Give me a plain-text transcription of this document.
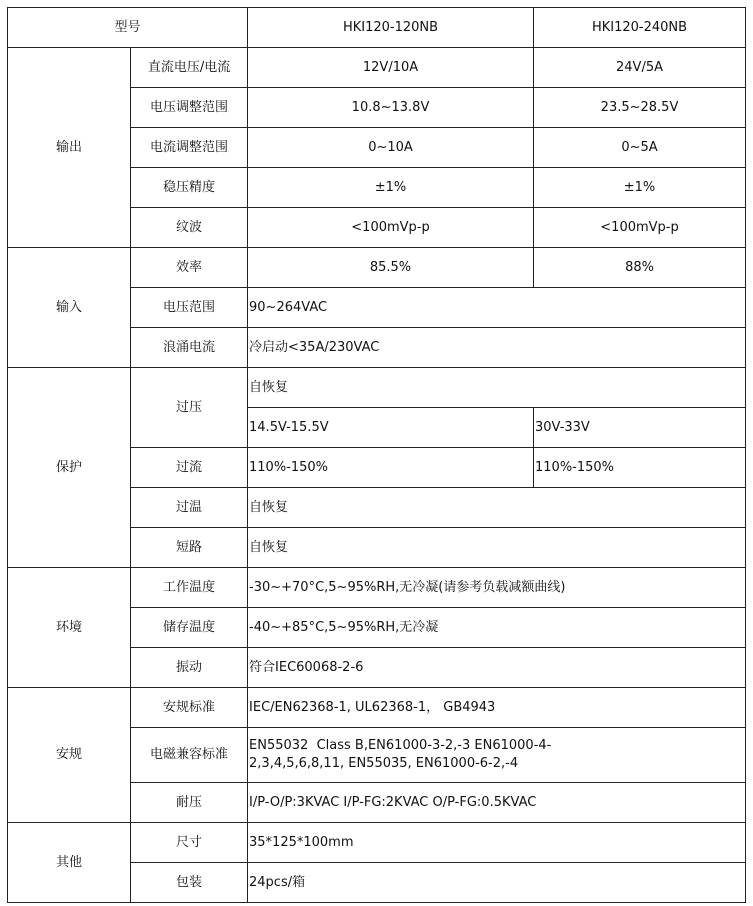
型号		HKI120-120NB	HKI120-240NB
输出	直流电压/电流	12V/10A	24V/5A
	电压调整范围	10.8~13.8V	23.5~28.5V
	电流调整范围	0~10A	0~5A
	稳压精度	±1%	±1%
	纹波	<100mVp-p	<100mVp-p
输入	效率	85.5%	88%
	电压范围	90~264VAC	
	浪涌电流	冷启动<35A/230VAC	
保护	过压	自恢复	
		14.5V-15.5V	30V-33V
	过流	110%-150%	110%-150%
	过温	自恢复	
	短路	自恢复	
环境	工作温度	-30~+70°C,5~95%RH,无冷凝(请参考负载减额曲线)	
	储存温度	-40~+85°C,5~95%RH,无冷凝	
	振动	符合IEC60068-2-6	
安规	安规标准	IEC/EN62368-1, UL62368-1， GB4943	
	电磁兼容标准	EN55032  Class B,EN61000-3-2,-3 EN61000-4-
2,3,4,5,6,8,11, EN55035, EN61000-6-2,-4	

	耐压	I/P-O/P:3KVAC I/P-FG:2KVAC O/P-FG:0.5KVAC	
其他	尺寸	35*125*100mm	
	包装	24pcs/箱	
